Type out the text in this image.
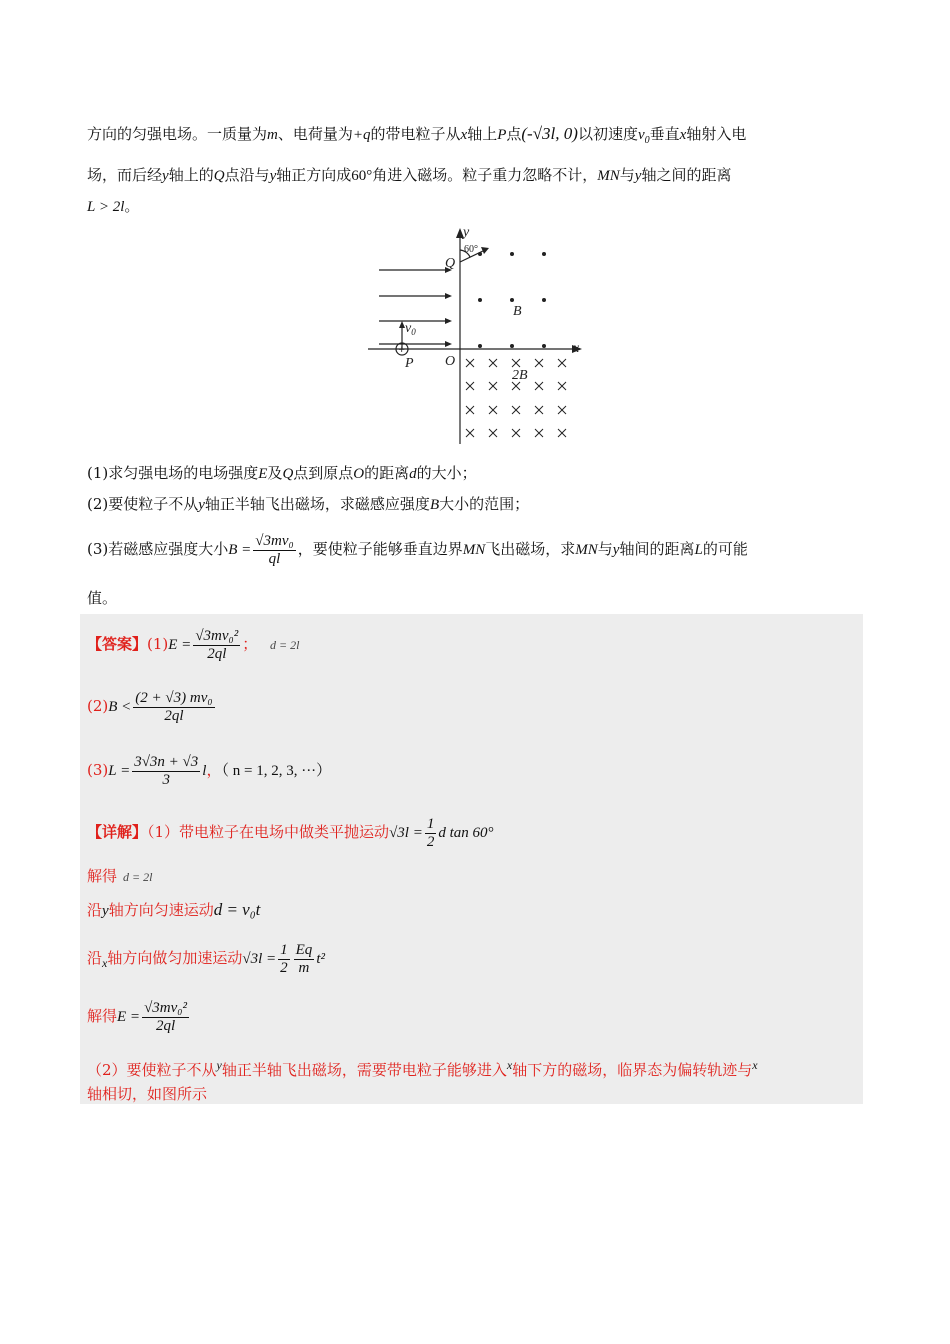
方向的匀强电场。一质量为m、电荷量为+q的带电粒子从x轴上P点(-√3l, 0)以初速度$v_0$垂直x轴射入电
场，而后经y轴上的Q点沿与y轴正方向成60°角进入磁场。粒子重力忽略不计，MN与y轴之间的距离
L > 2l。
+
y
x
Q
P O
B
2B
$v_0$
60°
(1)求匀强电场的电场强度E及Q点到原点O的距离d的大小；
(2)要使粒子不从y轴正半轴飞出磁场，求磁感应强度B大小的范围；
(3)若磁感应强度大小$B = \frac{\text{√3mv₀}}{ql}$ ，要使粒子能够垂直边界MN飞出磁场，求MN与y轴间的距离L的可能
值。
【答案】$(1)E = \frac{\text{√3mv₀²}}{2ql}$ ； d = 2l
$(2)B < \frac{\text{(2 + √3) mv₀}}{2ql}$
$(3)L = \frac{3√3n + √3}{3}$ l，（ n = 1, 2, 3, ···）
【详解】（1）带电粒子在电场中做类平抛运动$√3l = \frac{1}{2}$ d tan 60°
解得 d = 2l
沿y轴方向匀速运动d = v₀t
沿$_x$轴方向做匀加速运动$√3l = \frac{1}{2} \frac{Eq}{m} t^2$
解得$E = \frac{\text{√3mv₀²}}{2ql}$
（2）要使粒子不从$^y$轴正半轴飞出磁场，需要带电粒子能够进入$^x$轴下方的磁场，临界态为偏转轨迹与$^x$
轴相切，如图所示
